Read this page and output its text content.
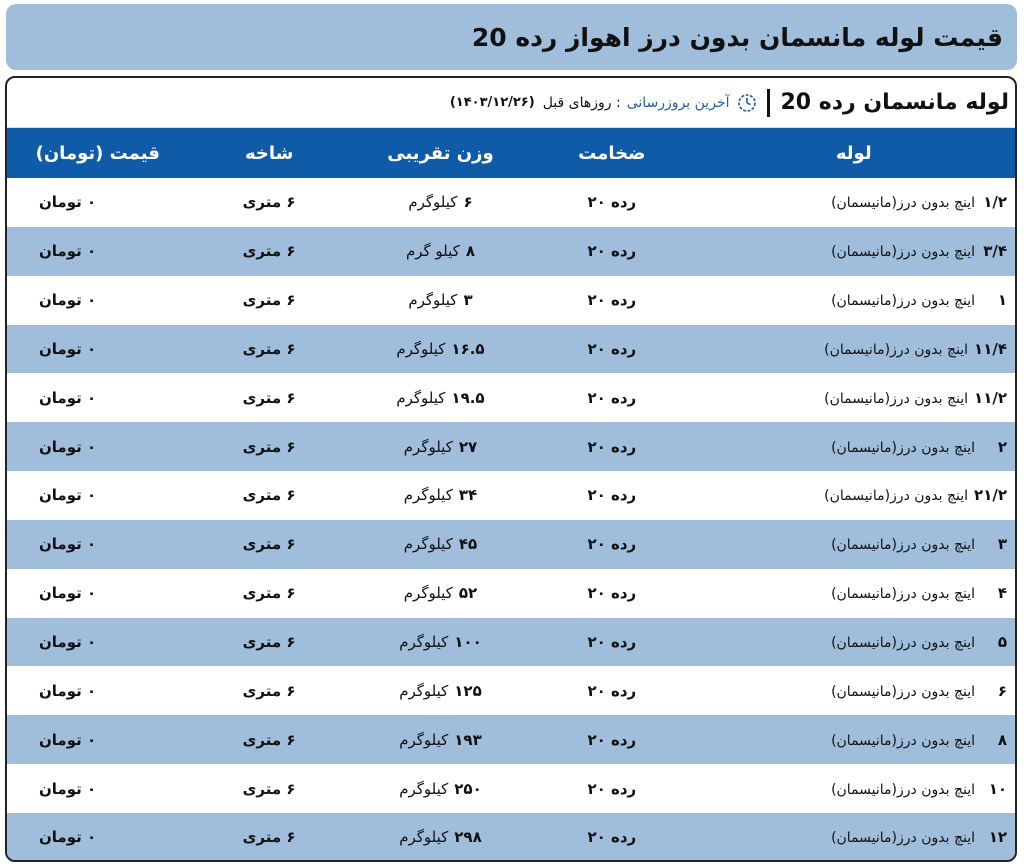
قیمت لوله مانسمان بدون درز اهواز رده 20
لوله مانسمان رده 20
آخرین بروزرسانی
: روزهای قبل
(۱۴۰۳/۱۲/۲۶)
لوله	ضخامت	وزن تقریبی	شاخه	قیمت (تومان)
۱/۲اینچ بدون درز(مانیسمان)	رده ۲۰	۶کیلوگرم	۶ متری	۰ تومان
۳/۴اینچ بدون درز(مانیسمان)	رده ۲۰	۸کیلو گرم	۶ متری	۰ تومان
۱اینچ بدون درز(مانیسمان)	رده ۲۰	۳کیلوگرم	۶ متری	۰ تومان
۱۱/۴اینچ بدون درز(مانیسمان)	رده ۲۰	۱۶.۵کیلوگرم	۶ متری	۰ تومان
۱۱/۲اینچ بدون درز(مانیسمان)	رده ۲۰	۱۹.۵کیلوگرم	۶ متری	۰ تومان
۲اینچ بدون درز(مانیسمان)	رده ۲۰	۲۷کیلوگرم	۶ متری	۰ تومان
۲۱/۲اینچ بدون درز(مانیسمان)	رده ۲۰	۳۴کیلوگرم	۶ متری	۰ تومان
۳اینچ بدون درز(مانیسمان)	رده ۲۰	۴۵کیلوگرم	۶ متری	۰ تومان
۴اینچ بدون درز(مانیسمان)	رده ۲۰	۵۲کیلوگرم	۶ متری	۰ تومان
۵اینچ بدون درز(مانیسمان)	رده ۲۰	۱۰۰کیلوگرم	۶ متری	۰ تومان
۶اینچ بدون درز(مانیسمان)	رده ۲۰	۱۲۵کیلوگرم	۶ متری	۰ تومان
۸اینچ بدون درز(مانیسمان)	رده ۲۰	۱۹۳کیلوگرم	۶ متری	۰ تومان
۱۰اینچ بدون درز(مانیسمان)	رده ۲۰	۲۵۰کیلوگرم	۶ متری	۰ تومان
۱۲اینچ بدون درز(مانیسمان)	رده ۲۰	۲۹۸کیلوگرم	۶ متری	۰ تومان
